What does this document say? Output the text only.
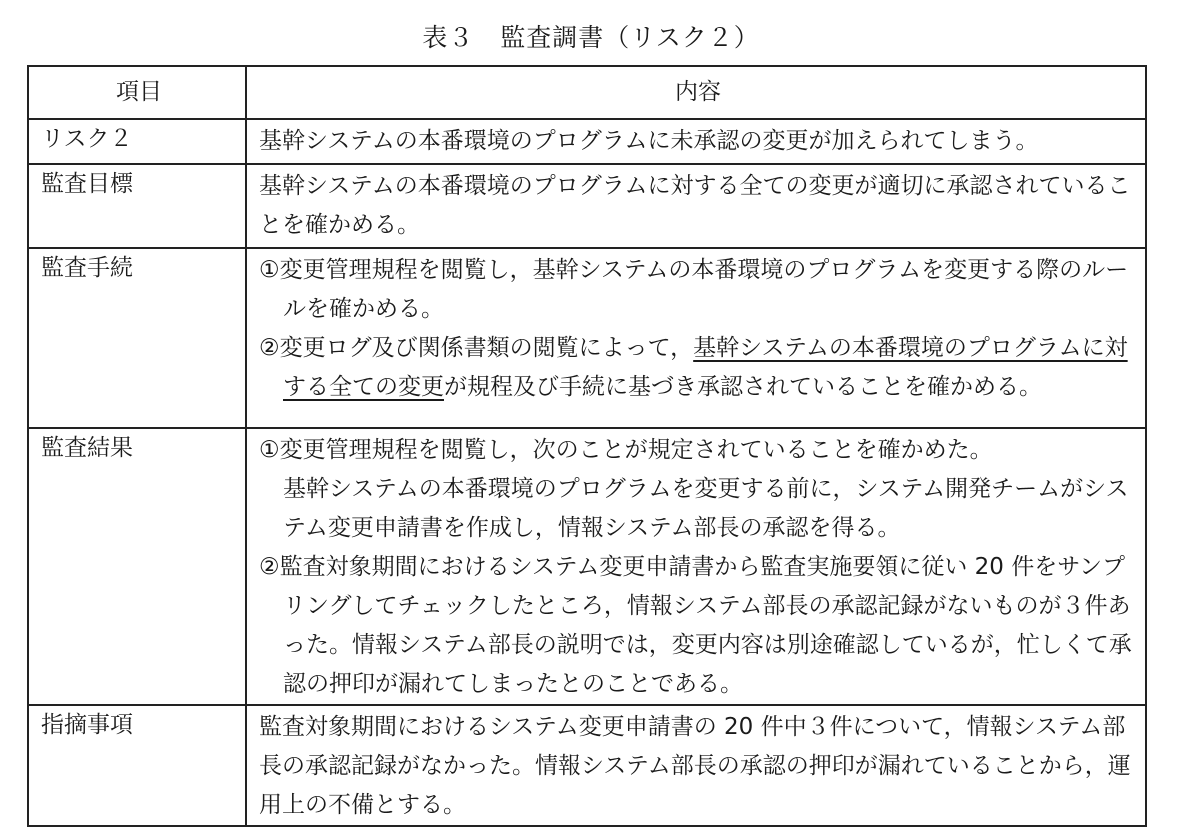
表３　監査調書（リスク２）
項目	内容
リスク２	基幹システムの本番環境のプログラムに未承認の変更が加えられてしまう。

監査目標	基幹システムの本番環境のプログラムに対する全ての変更が適切に承認されていることを確かめる。

監査手続	①変更管理規程を閲覧し，基幹システムの本番環境のプログラムを変更する際のルールを確かめる。
②変更ログ及び関係書類の閲覧によって，基幹システムの本番環境のプログラムに対する全ての変更が規程及び手続に基づき承認されていることを確かめる。

監査結果	①変更管理規程を閲覧し，次のことが規定されていることを確かめた。
基幹システムの本番環境のプログラムを変更する前に，システム開発チームがシステム変更申請書を作成し，情報システム部長の承認を得る。
②監査対象期間におけるシステム変更申請書から監査実施要領に従い 20 件をサンプリングしてチェックしたところ，情報システム部長の承認記録がないものが３件あった。情報システム部長の説明では，変更内容は別途確認しているが，忙しくて承認の押印が漏れてしまったとのことである。

指摘事項	監査対象期間におけるシステム変更申請書の 20 件中３件について，情報システム部長の承認記録がなかった。情報システム部長の承認の押印が漏れていることから，運用上の不備とする。
